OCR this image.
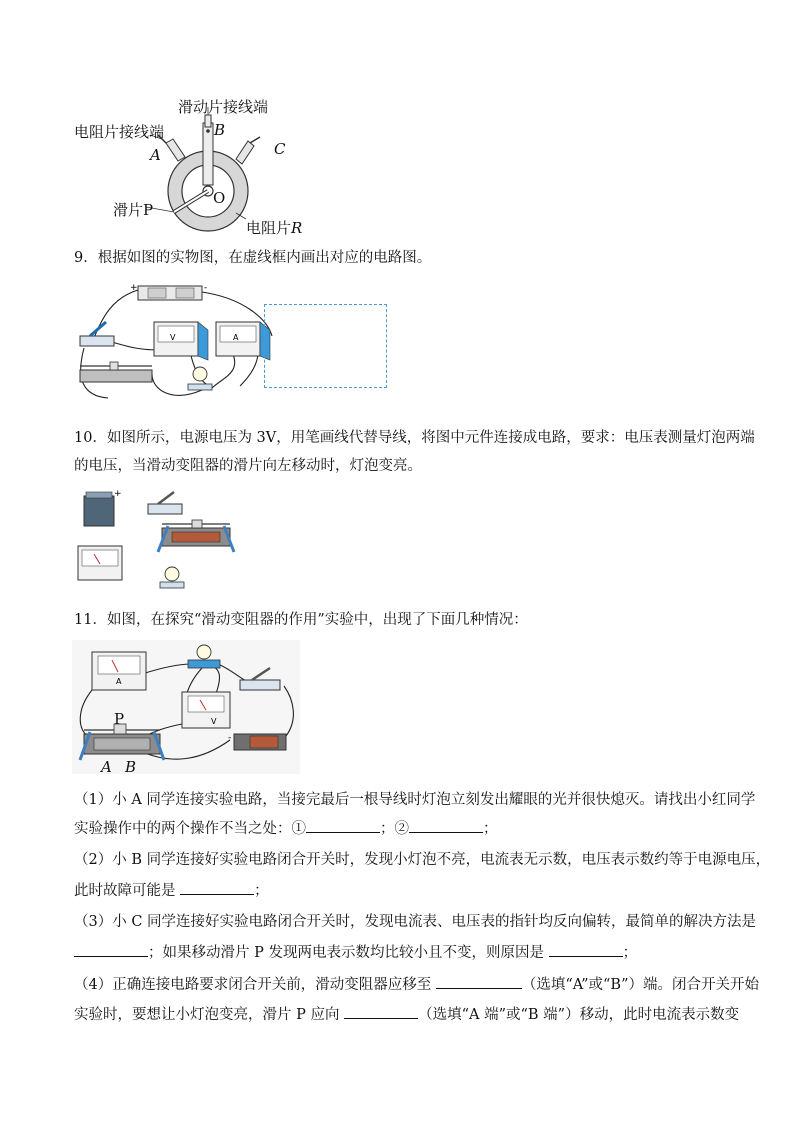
滑动片接线端
电阻片接线端
A
B
C
O
滑片P
电阻片R
9．根据如图的实物图，在虚线框内画出对应的电路图。
+	-
V	A
10．如图所示，电源电压为 3V，用笔画线代替导线，将图中元件连接成电路，要求：电压表测量灯泡两端
的电压，当滑动变阻器的滑片向左移动时，灯泡变亮。
+
11．如图，在探究“滑动变阻器的作用”实验中，出现了下面几种情况：
A
V
-
P
A B
（1）小 A 同学连接实验电路，当接完最后一根导线时灯泡立刻发出耀眼的光并很快熄灭。请找出小红同学
实验操作中的两个操作不当之处：①	；②	；
（2）小 B 同学连接好实验电路闭合开关时，发现小灯泡不亮，电流表无示数，电压表示数约等于电源电压，
此时故障可能是	；
（3）小 C 同学连接好实验电路闭合开关时，发现电流表、电压表的指针均反向偏转，最简单的解决方法是
；如果移动滑片 P 发现两电表示数均比较小且不变，则原因是	；
（4）正确连接电路要求闭合开关前，滑动变阻器应移至	（选填“A”或“B”）端。闭合开关开始
实验时，要想让小灯泡变亮，滑片 P 应向	（选填“A 端”或“B 端”）移动，此时电流表示数变
